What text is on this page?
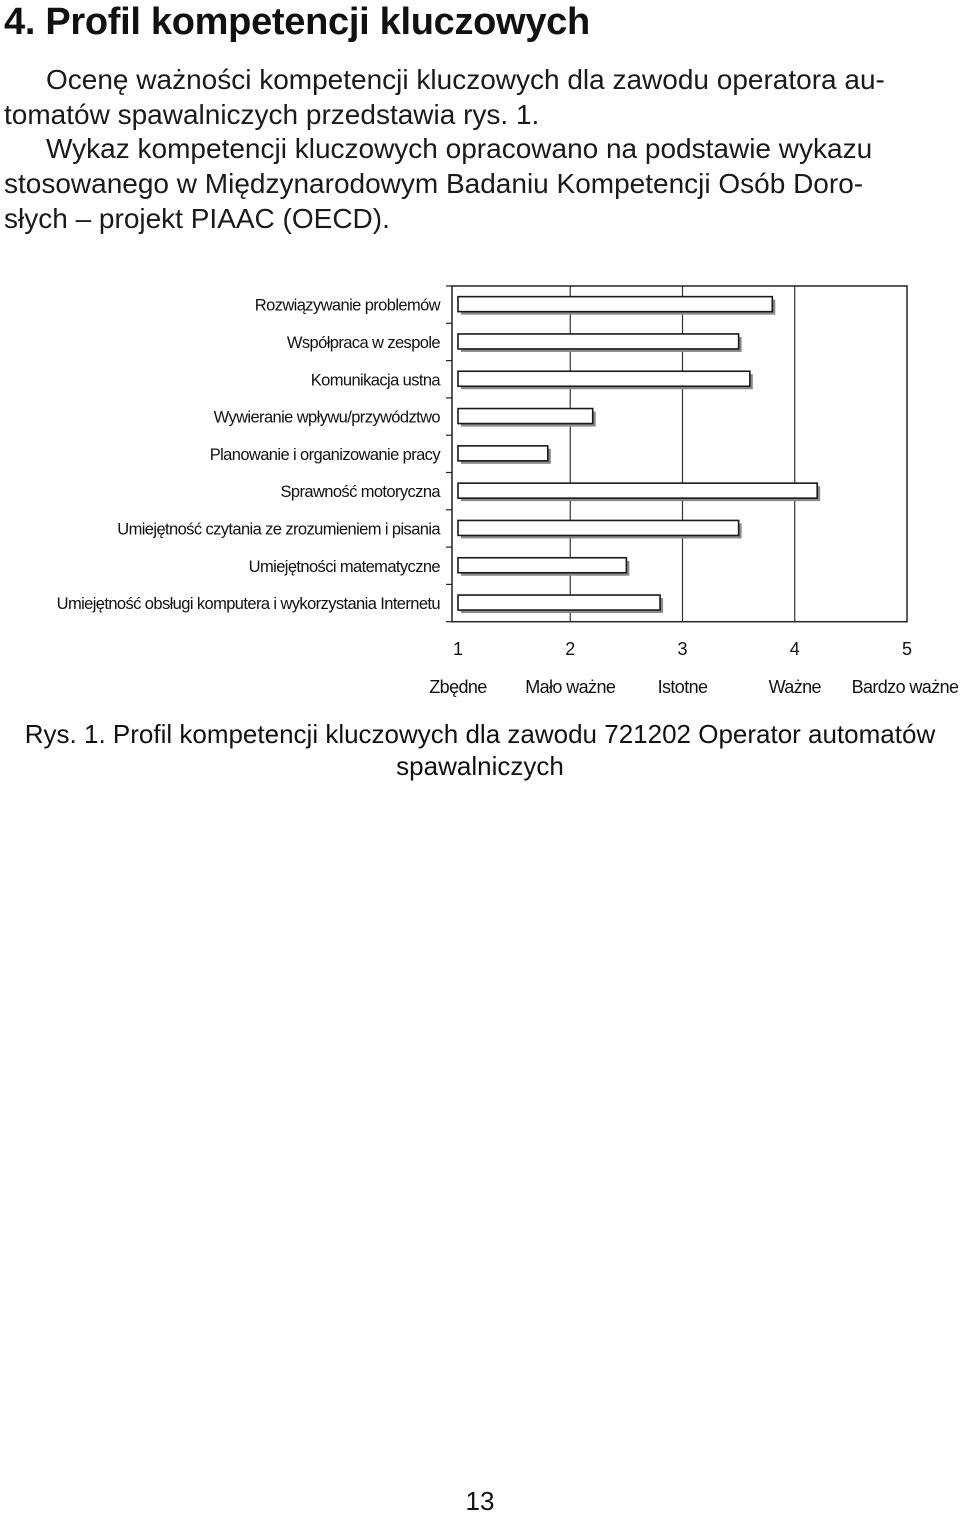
4. Profil kompetencji kluczowych

Ocenę ważności kompetencji kluczowych dla zawodu operatora au-
tomatów spawalniczych przedstawia rys. 1.

Wykaz kompetencji kluczowych opracowano na podstawie wykazu
stosowanego w Międzynarodowym Badaniu Kompetencji Osób Doro-
słych – projekt PIAAC (OECD).

Rozwiązywanie problemów
Współpraca w zespole
Komunikacja ustna
Wywieranie wpływu/przywództwo
Planowanie i organizowanie pracy
Sprawność motoryczna
Umiejętność czytania ze zrozumieniem i pisania
Umiejętności matematyczne
Umiejętność obsługi komputera i wykorzystania Internetu
1	2	3	4	5
Zbędne Mało ważne Istotne	Ważne Bardzo ważne

Rys. 1. Profil kompetencji kluczowych dla zawodu 721202 Operator automatów
spawalniczych

13
